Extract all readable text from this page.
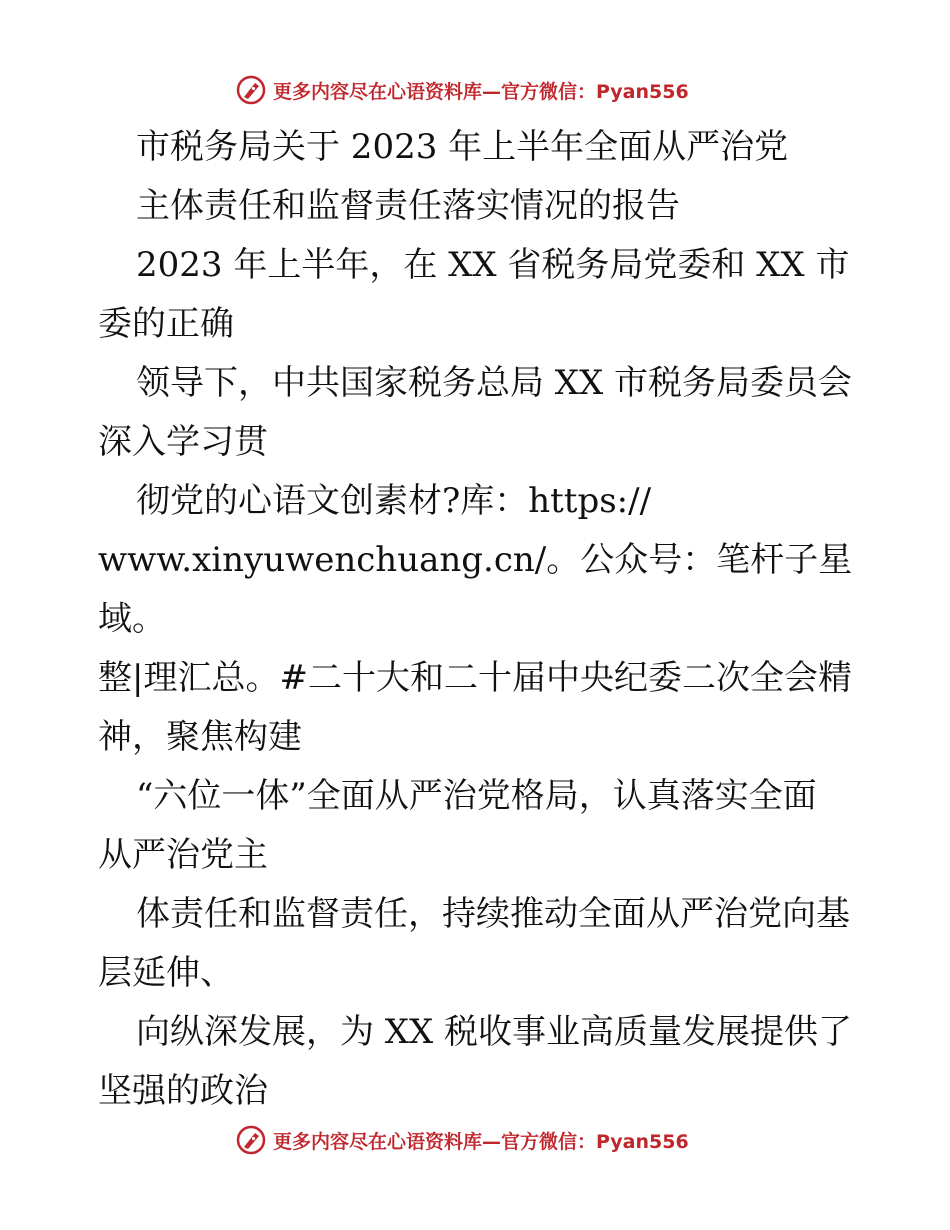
更多内容尽在心语资料库—官方微信：Pyan556

市税务局关于 2023 年上半年全面从严治党

主体责任和监督责任落实情况的报告

2023 年上半年，在 XX 省税务局党委和 XX 市

委的正确

领导下，中共国家税务总局 XX 市税务局委员会

深入学习贯

彻党的心语文创素材?库：https://

www.xinyuwenchuang.cn/。公众号：笔杆子星域。

整|理汇总。#二十大和二十届中央纪委二次全会精

神，聚焦构建

“六位一体”全面从严治党格局，认真落实全面

从严治党主

体责任和监督责任，持续推动全面从严治党向基

层延伸、

向纵深发展，为 XX 税收事业高质量发展提供了

坚强的政治

更多内容尽在心语资料库—官方微信：Pyan556
